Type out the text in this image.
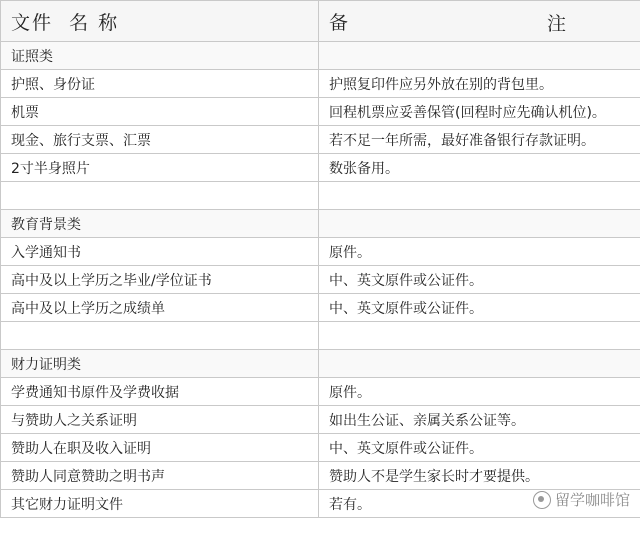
文件  名 称	备 注

证照类	
护照、身份证	护照复印件应另外放在别的背包里。
机票	回程机票应妥善保管(回程时应先确认机位)。
现金、旅行支票、汇票	若不足一年所需，最好准备银行存款证明。
2寸半身照片	数张备用。

教育背景类	
入学通知书	原件。
高中及以上学历之毕业/学位证书	中、英文原件或公证件。
高中及以上学历之成绩单	中、英文原件或公证件。

财力证明类	
学费通知书原件及学费收据	原件。
与赞助人之关系证明	如出生公证、亲属关系公证等。
赞助人在职及收入证明	中、英文原件或公证件。
赞助人同意赞助之明书声	赞助人不是学生家长时才要提供。
其它财力证明文件	若有。	留学咖啡馆
